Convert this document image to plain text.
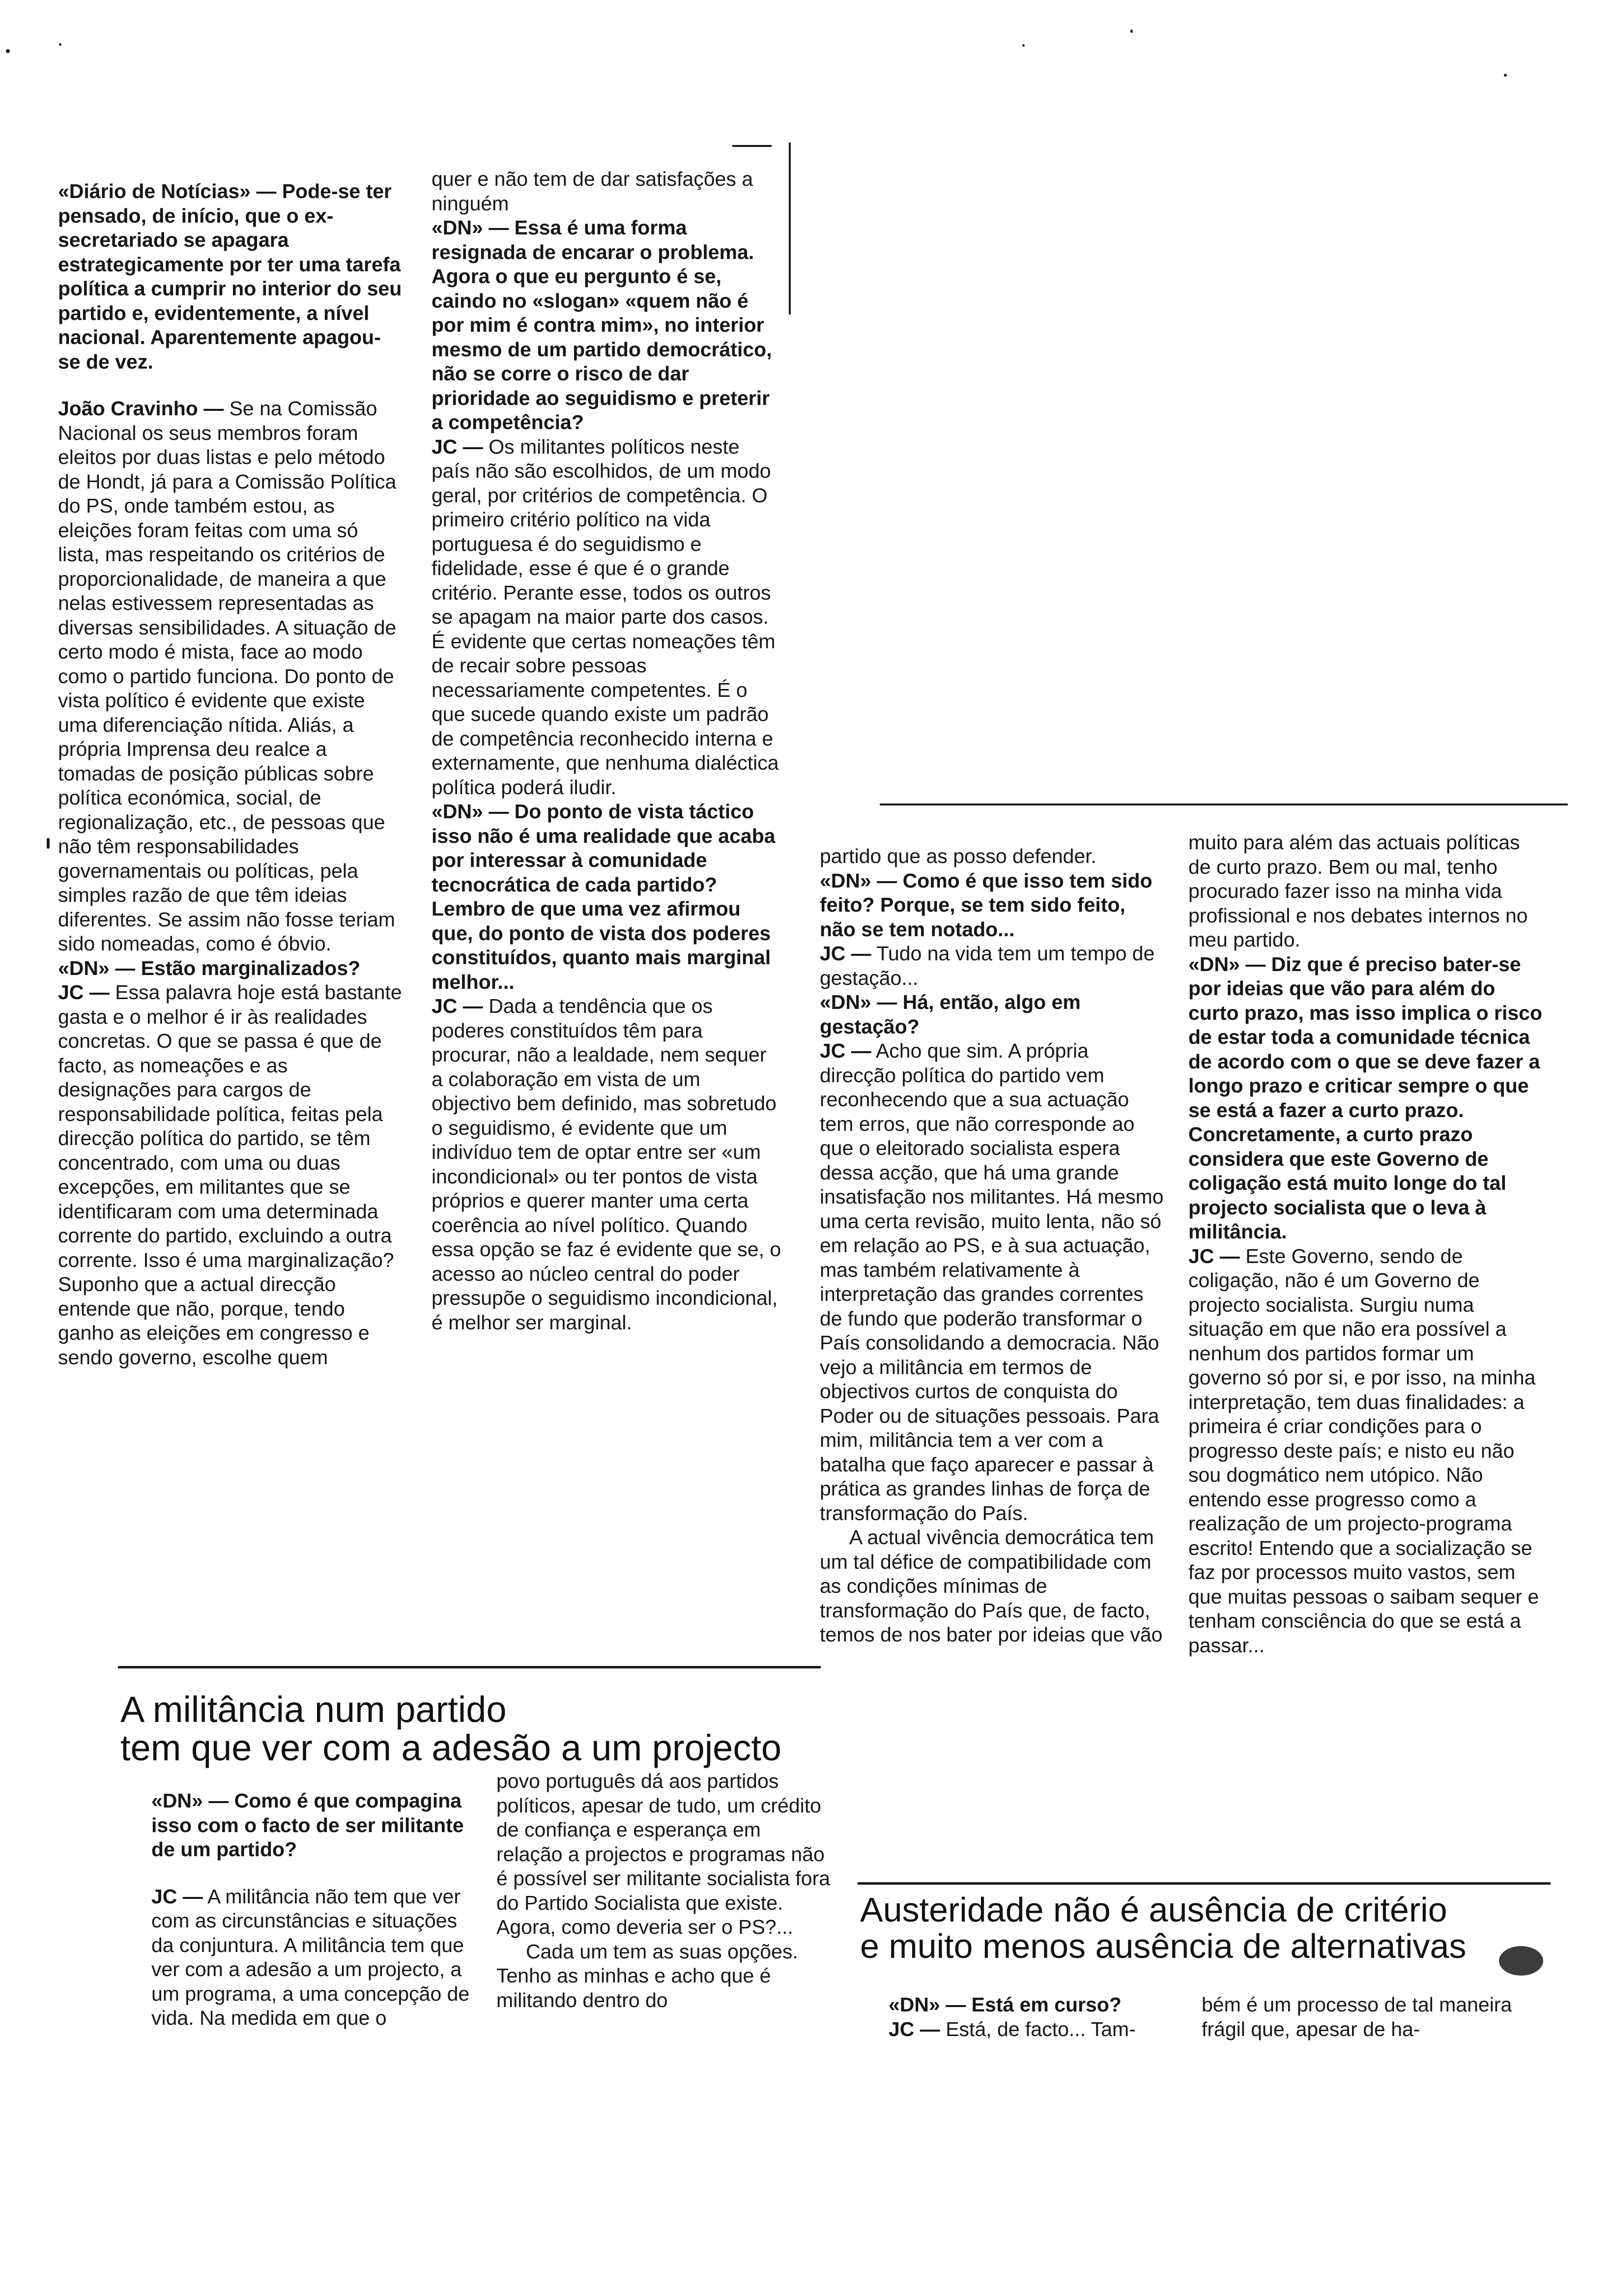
«Diário de Notícias» — Pode-se ter pensado, de início, que o ex-secretariado se apagara estrategicamente por ter uma tarefa política a cumprir no interior do seu partido e, evidentemente, a nível nacional. Aparentemente apagou-se de vez.

João Cravinho — Se na Comissão Nacional os seus membros foram eleitos por duas listas e pelo método de Hondt, já para a Comissão Política do PS, onde também estou, as eleições foram feitas com uma só lista, mas respeitando os critérios de proporcionalidade, de maneira a que nelas estivessem representadas as diversas sensibilidades. A situação de certo modo é mista, face ao modo como o partido funciona. Do ponto de vista político é evidente que existe uma diferenciação nítida. Aliás, a própria Imprensa deu realce a tomadas de posição públicas sobre política económica, social, de regionalização, etc., de pessoas que não têm responsabilidades governamentais ou políticas, pela simples razão de que têm ideias diferentes. Se assim não fosse teriam sido nomeadas, como é óbvio.

«DN» — Estão marginalizados?

JC — Essa palavra hoje está bastante gasta e o melhor é ir às realidades concretas. O que se passa é que de facto, as nomeações e as designações para cargos de responsabilidade política, feitas pela direcção política do partido, se têm concentrado, com uma ou duas excepções, em militantes que se identificaram com uma determinada corrente do partido, excluindo a outra corrente. Isso é uma marginalização? Suponho que a actual direcção entende que não, porque, tendo ganho as eleições em congresso e sendo governo, escolhe quem

quer e não tem de dar satisfações a ninguém

«DN» — Essa é uma forma resignada de encarar o problema. Agora o que eu pergunto é se, caindo no «slogan» «quem não é por mim é contra mim», no interior mesmo de um partido democrático, não se corre o risco de dar prioridade ao seguidismo e preterir a competência?

JC — Os militantes políticos neste país não são escolhidos, de um modo geral, por critérios de competência. O primeiro critério político na vida portuguesa é do seguidismo e fidelidade, esse é que é o grande critério. Perante esse, todos os outros se apagam na maior parte dos casos. É evidente que certas nomeações têm de recair sobre pessoas necessariamente competentes. É o que sucede quando existe um padrão de competência reconhecido interna e externamente, que nenhuma dialéctica política poderá iludir.

«DN» — Do ponto de vista táctico isso não é uma realidade que acaba por interessar à comunidade tecnocrática de cada partido? Lembro de que uma vez afirmou que, do ponto de vista dos poderes constituídos, quanto mais marginal melhor...

JC — Dada a tendência que os poderes constituídos têm para procurar, não a lealdade, nem sequer a colaboração em vista de um objectivo bem definido, mas sobretudo o seguidismo, é evidente que um indivíduo tem de optar entre ser «um incondicional» ou ter pontos de vista próprios e querer manter uma certa coerência ao nível político. Quando essa opção se faz é evidente que se, o acesso ao núcleo central do poder pressupõe o seguidismo incondicional, é melhor ser marginal.

A militância num partido
tem que ver com a adesão a um projecto

«DN» — Como é que compagina isso com o facto de ser militante de um partido?

JC — A militância não tem que ver com as circunstâncias e situações da conjuntura. A militância tem que ver com a adesão a um projecto, a um programa, a uma concepção de vida. Na medida em que o

povo português dá aos partidos políticos, apesar de tudo, um crédito de confiança e esperança em relação a projectos e programas não é possível ser militante socialista fora do Partido Socialista que existe. Agora, como deveria ser o PS?...

Cada um tem as suas opções. Tenho as minhas e acho que é militando dentro do

partido que as posso defender.

«DN» — Como é que isso tem sido feito? Porque, se tem sido feito, não se tem notado...

JC — Tudo na vida tem um tempo de gestação...

«DN» — Há, então, algo em gestação?

JC — Acho que sim. A própria direcção política do partido vem reconhecendo que a sua actuação tem erros, que não corresponde ao que o eleitorado socialista espera dessa acção, que há uma grande insatisfação nos militantes. Há mesmo uma certa revisão, muito lenta, não só em relação ao PS, e à sua actuação, mas também relativamente à interpretação das grandes correntes de fundo que poderão transformar o País consolidando a democracia. Não vejo a militância em termos de objectivos curtos de conquista do Poder ou de situações pessoais. Para mim, militância tem a ver com a batalha que faço aparecer e passar à prática as grandes linhas de força de transformação do País.

A actual vivência democrática tem um tal défice de compatibilidade com as condições mínimas de transformação do País que, de facto, temos de nos bater por ideias que vão

muito para além das actuais políticas de curto prazo. Bem ou mal, tenho procurado fazer isso na minha vida profissional e nos debates internos no meu partido.

«DN» — Diz que é preciso bater-se por ideias que vão para além do curto prazo, mas isso implica o risco de estar toda a comunidade técnica de acordo com o que se deve fazer a longo prazo e criticar sempre o que se está a fazer a curto prazo. Concretamente, a curto prazo considera que este Governo de coligação está muito longe do tal projecto socialista que o leva à militância.

JC — Este Governo, sendo de coligação, não é um Governo de projecto socialista. Surgiu numa situação em que não era possível a nenhum dos partidos formar um governo só por si, e por isso, na minha interpretação, tem duas finalidades: a primeira é criar condições para o progresso deste país; e nisto eu não sou dogmático nem utópico. Não entendo esse progresso como a realização de um projecto-programa escrito! Entendo que a socialização se faz por processos muito vastos, sem que muitas pessoas o saibam sequer e tenham consciência do que se está a passar...

Austeridade não é ausência de critério
e muito menos ausência de alternativas

«DN» — Está em curso?

JC — Está, de facto... Tam-

bém é um processo de tal maneira frágil que, apesar de ha-
